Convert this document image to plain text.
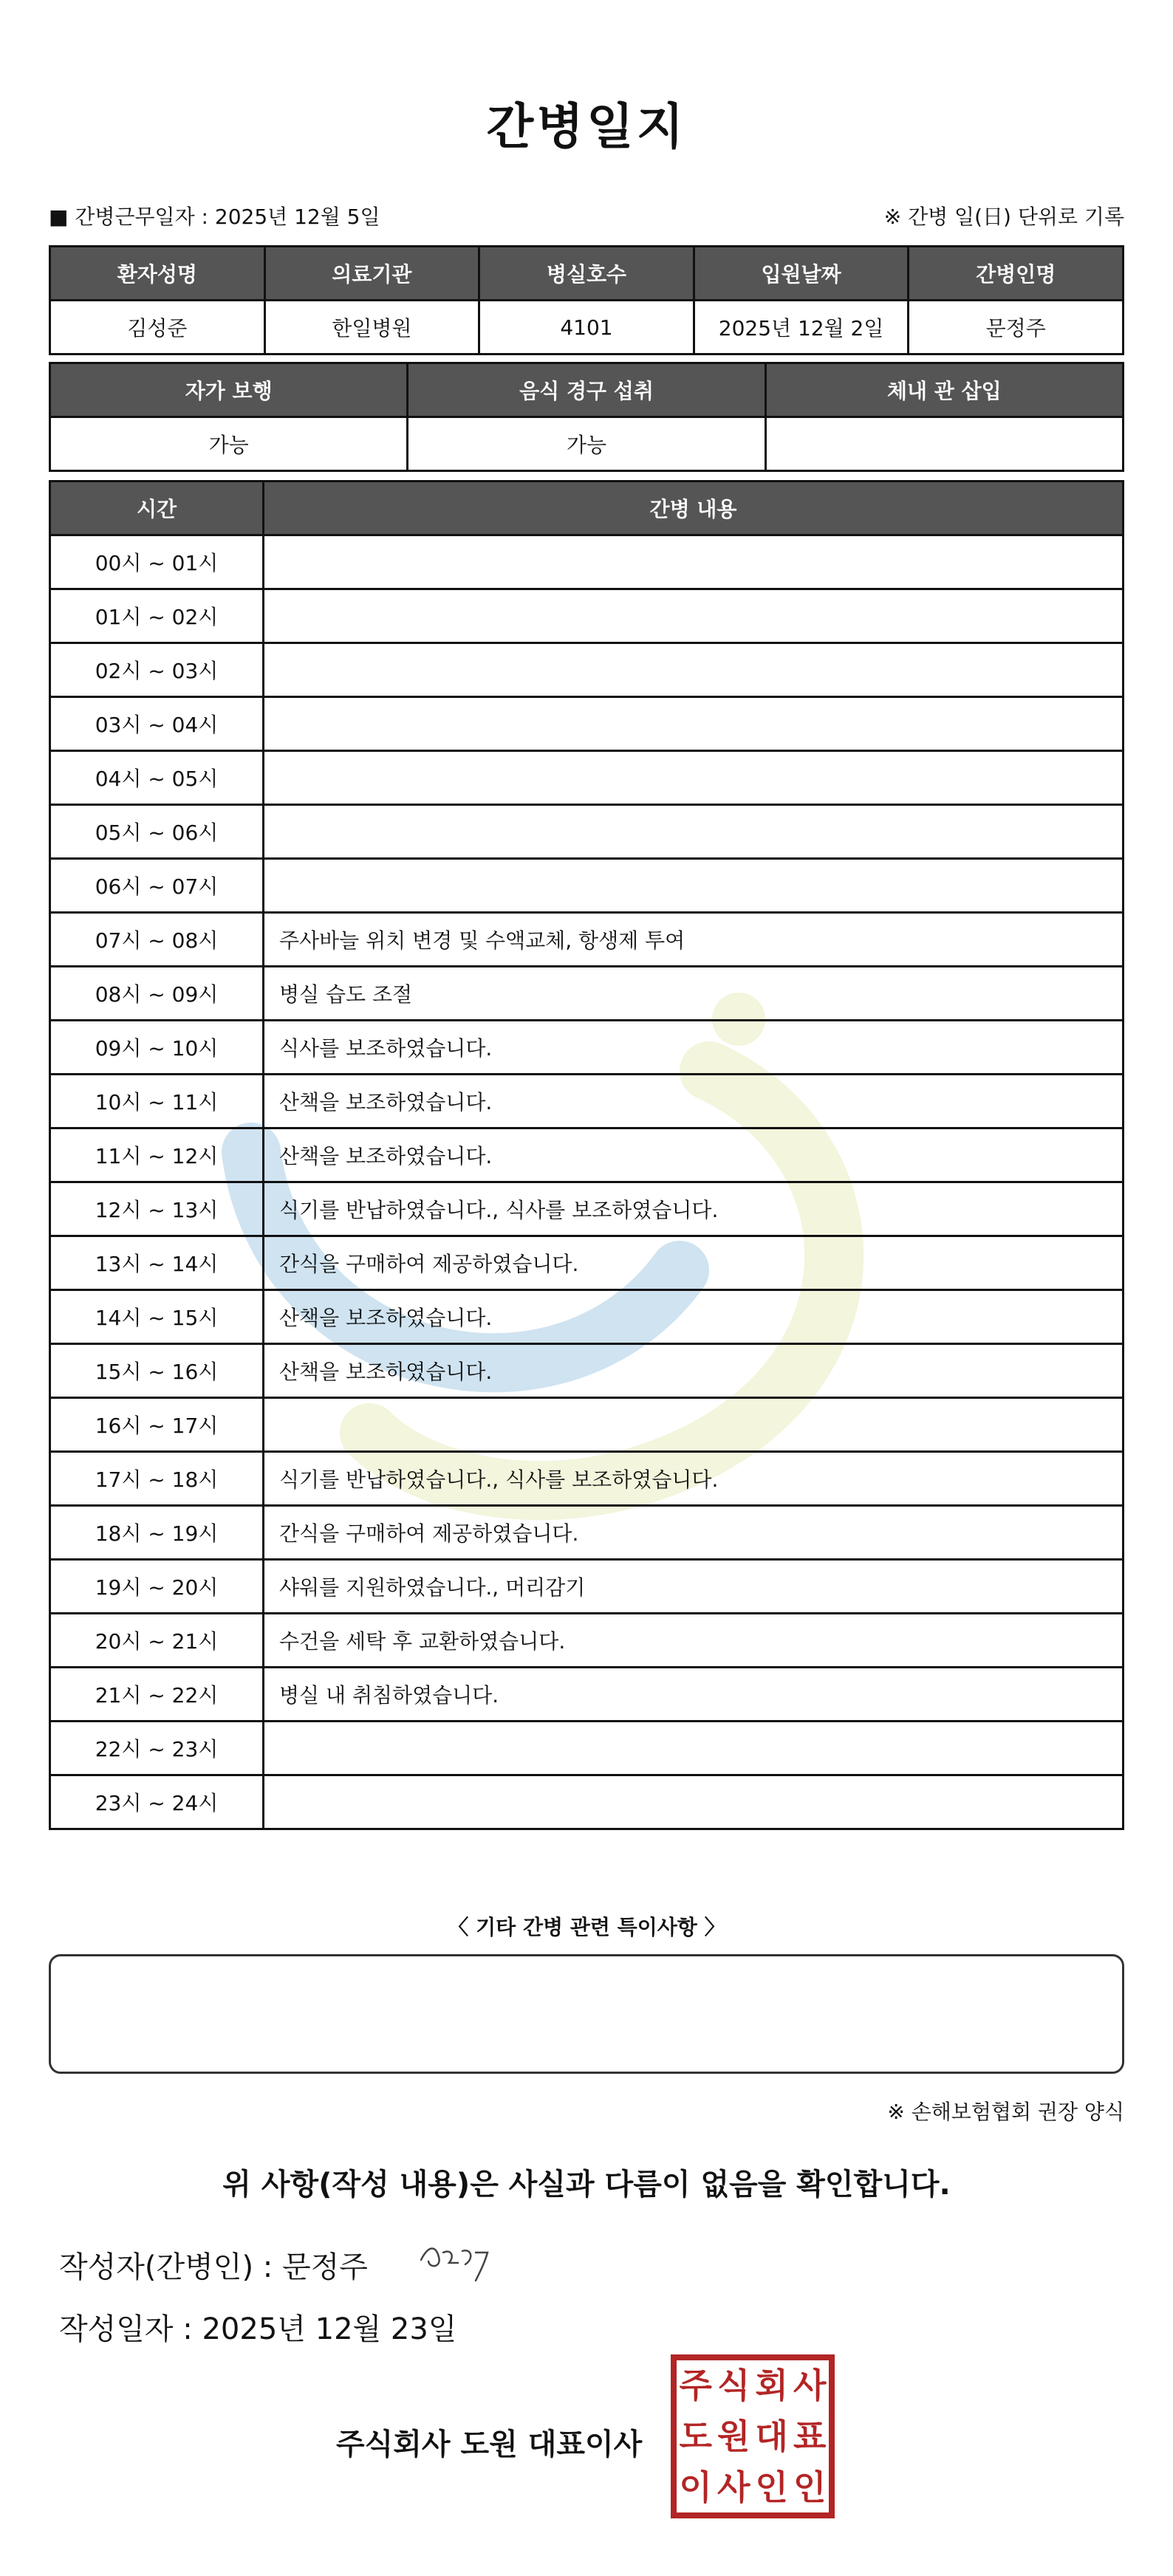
간병일지
■ 간병근무일자 : 2025년 12월 5일	※ 간병 일(日) 단위로 기록
환자성명	의료기관	병실호수	입원날짜	간병인명
김성준	한일병원	4101	2025년 12월 2일	문정주
자가 보행	음식 경구 섭취	체내 관 삽입
가능	가능	
시간	간병 내용
00시 ~ 01시	
01시 ~ 02시	
02시 ~ 03시	
03시 ~ 04시	
04시 ~ 05시	
05시 ~ 06시	
06시 ~ 07시	
07시 ~ 08시	주사바늘 위치 변경 및 수액교체, 항생제 투여
08시 ~ 09시	병실 습도 조절
09시 ~ 10시	식사를 보조하였습니다.
10시 ~ 11시	산책을 보조하였습니다.
11시 ~ 12시	산책을 보조하였습니다.
12시 ~ 13시	식기를 반납하였습니다., 식사를 보조하였습니다.
13시 ~ 14시	간식을 구매하여 제공하였습니다.
14시 ~ 15시	산책을 보조하였습니다.
15시 ~ 16시	산책을 보조하였습니다.
16시 ~ 17시	
17시 ~ 18시	식기를 반납하였습니다., 식사를 보조하였습니다.
18시 ~ 19시	간식을 구매하여 제공하였습니다.
19시 ~ 20시	샤워를 지원하였습니다., 머리감기
20시 ~ 21시	수건을 세탁 후 교환하였습니다.
21시 ~ 22시	병실 내 취침하였습니다.
22시 ~ 23시	
23시 ~ 24시	
〈 기타 간병 관련 특이사항 〉
※ 손해보험협회 권장 양식
위 사항(작성 내용)은 사실과 다름이 없음을 확인합니다.
작성자(간병인) : 문정주
작성일자 : 2025년 12월 23일
주식회사 도원 대표이사
주 식 회 사
도 원 대 표
이 사 인 인
